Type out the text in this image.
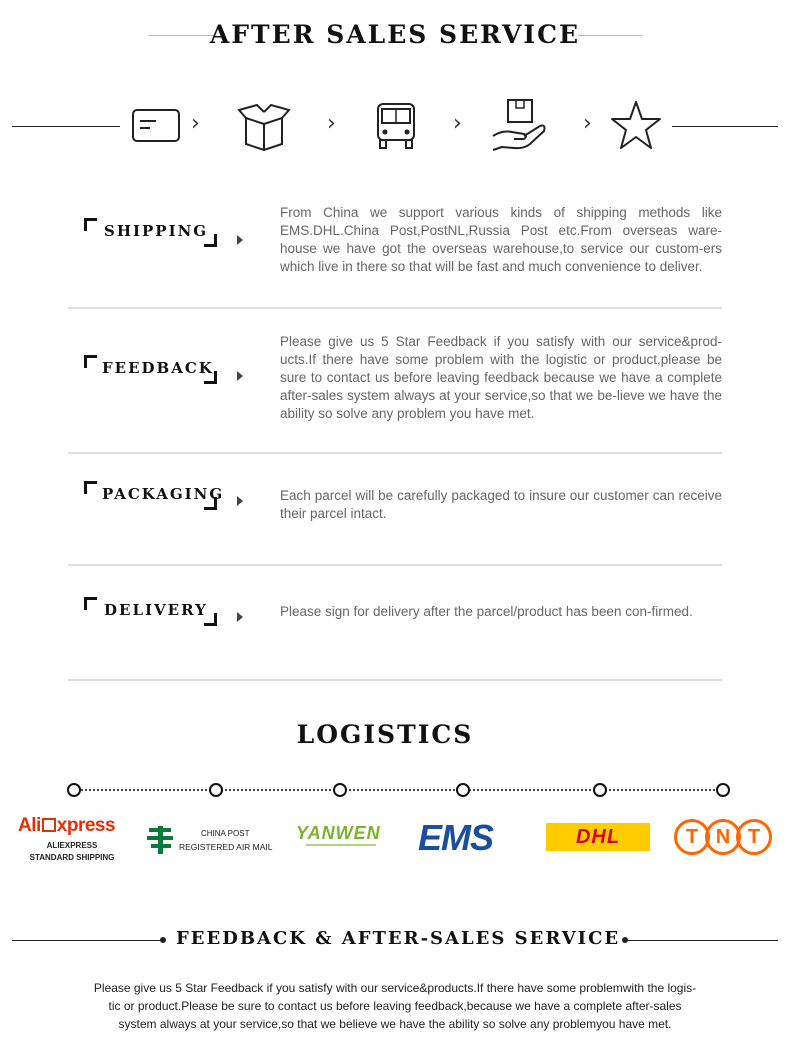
AFTER SALES SERVICE
›	›	›	›
SHIPPING
From China we support various kinds of shipping methods like EMS.DHL.China Post,PostNL,Russia Post etc.From overseas ware-house we have got the overseas warehouse,to service our custom-ers which live in there so that will be fast and much convenience to deliver.
FEEDBACK
Please give us 5 Star Feedback if you satisfy with our service&prod-ucts.If there have some problem with the logistic or product,please be sure to contact us before leaving feedback because we have a complete after-sales system always at your service,so that we be-lieve we have the ability so solve any problem you have met.
PACKAGING	Each parcel will be carefully packaged to insure our customer can receive their parcel intact.
DELIVERY	Please sign for delivery after the parcel/product has been con-firmed.
LOGISTICS
Ali xpress
ALIEXPRESS
STANDARD SHIPPING
CHINA POST
REGISTERED AIR MAIL
YANWEN EMS	DHL	T N T
FEEDBACK & AFTER-SALES SERVICE
Please give us 5 Star Feedback if you satisfy with our service&products.If there have some problemwith the logis-
tic or product.Please be sure to contact us before leaving feedback,because we have a complete after-sales
system always at your service,so that we believe we have the ability so solve any problemyou have met.
